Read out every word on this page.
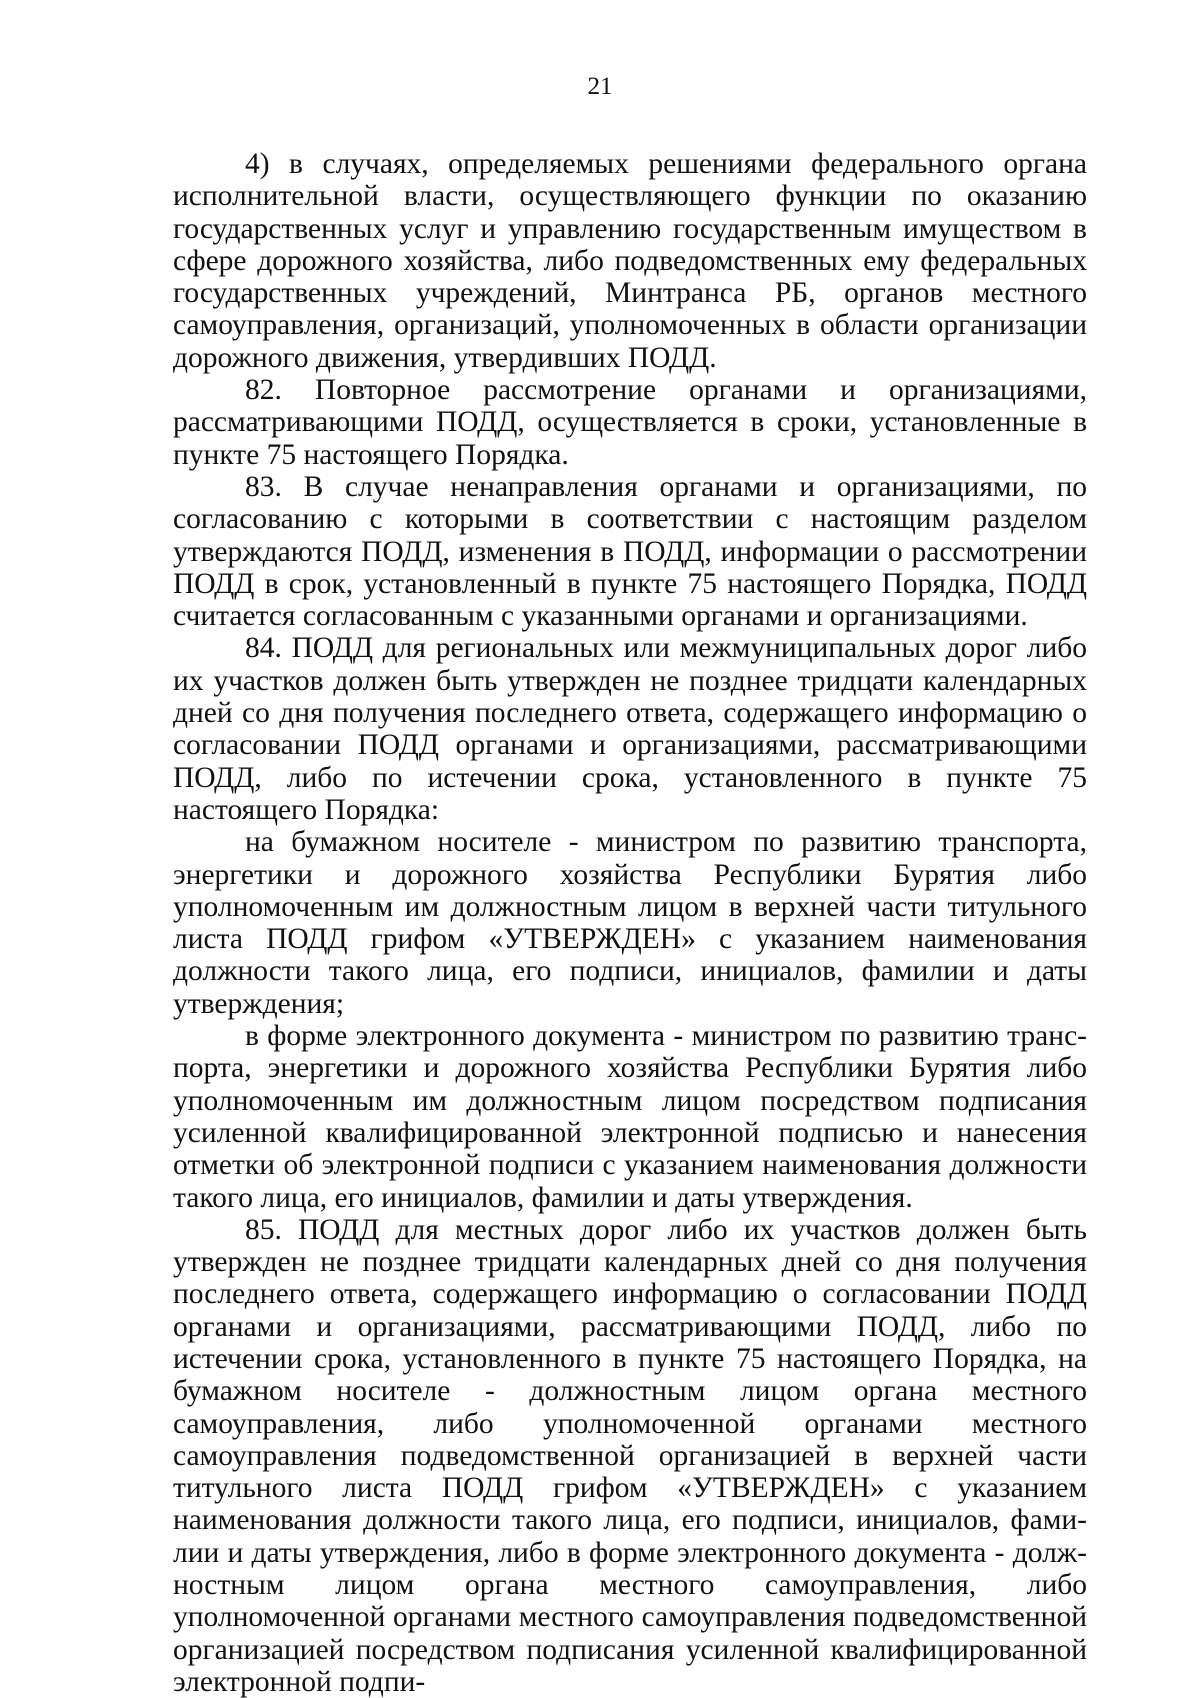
21

4) в случаях, определяемых решениями федерального органа исполнительной власти, осуществляющего функции по оказанию государственных услуг и управлению государственным имуществом в сфере дорожного хозяйства, либо подведомственных ему федеральных государственных учреждений, Минтранса РБ, органов местного самоуправления, организаций, уполномоченных в области организации дорожного движения, утвердивших ПОДД.

82. Повторное рассмотрение органами и организациями, рассматривающими ПОДД, осуществляется в сроки, установленные в пункте 75 настоящего Порядка.

83. В случае ненаправления органами и организациями, по согласованию с которыми в соответствии с настоящим разделом утверждаются ПОДД, изменения в ПОДД, информации о рассмотрении ПОДД в срок, установленный в пункте 75 настоящего Порядка, ПОДД считается согласованным с указанными органами и организациями.

84. ПОДД для региональных или межмуниципальных дорог либо их участков должен быть утвержден не позднее тридцати календарных дней со дня получения последнего ответа, содержащего информацию о согласовании ПОДД органами и организациями, рассматривающими ПОДД, либо по истечении срока, установленного в пункте 75 настоящего Порядка:

на бумажном носителе - министром по развитию транспорта, энергетики и дорожного хозяйства Республики Бурятия либо уполномоченным им должностным лицом в верхней части титульного листа ПОДД грифом «УТВЕРЖДЕН» с указанием наименования должности такого лица, его подписи, инициалов, фамилии и даты утверждения;

в форме электронного документа - министром по развитию транспорта, энергетики и дорожного хозяйства Республики Бурятия либо уполномоченным им должностным лицом посредством подписания усиленной квалифицированной электронной подписью и нанесения отметки об электронной подписи с указанием наименования должности такого лица, его инициалов, фамилии и даты утверждения.

85. ПОДД для местных дорог либо их участков должен быть утвержден не позднее тридцати календарных дней со дня получения последнего ответа, содержащего информацию о согласовании ПОДД органами и организациями, рассматривающими ПОДД, либо по истечении срока, установленного в пункте 75 настоящего Порядка, на бумажном носителе - должностным лицом органа местного самоуправления, либо уполномоченной органами местного самоуправления подведомственной организацией в верхней части титульного листа ПОДД грифом «УТВЕРЖДЕН» с указанием наименования должности такого лица, его подписи, инициалов, фамилии и даты утверждения, либо в форме электронного документа - должностным лицом органа местного самоуправления, либо уполномоченной органами местного самоуправления подведомственной организацией посредством подписания усиленной квалифицированной электронной подпи-
